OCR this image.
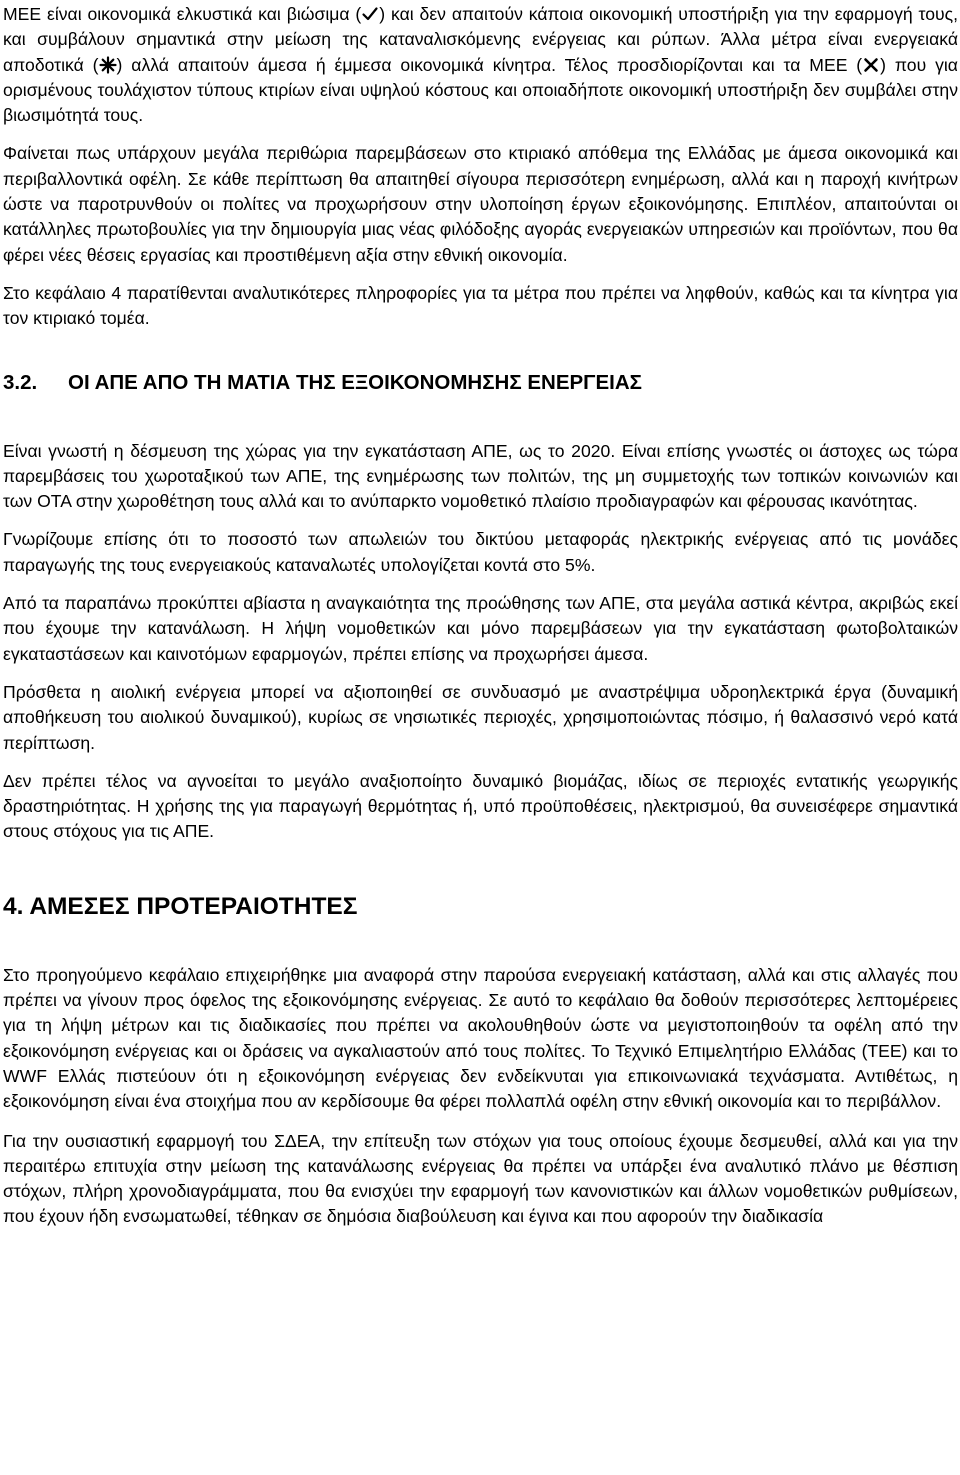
ΜΕΕ είναι οικονομικά ελκυστικά και βιώσιμα ( ) και δεν απαιτούν κάποια οικονομική υποστήριξη για την εφαρμογή τους, και συμβάλουν σημαντικά στην μείωση της καταναλισκόμενης ενέργειας και ρύπων. Άλλα μέτρα είναι ενεργειακά αποδοτικά ( ) αλλά απαιτούν άμεσα ή έμμεσα οικονομικά κίνητρα. Τέλος προσδιορίζονται και τα ΜΕΕ ( ) που για ορισμένους τουλάχιστον τύπους κτιρίων είναι υψηλού κόστους και οποιαδήποτε οικονομική υποστήριξη δεν συμβάλει στην βιωσιμότητά τους.

Φαίνεται πως υπάρχουν μεγάλα περιθώρια παρεμβάσεων στο κτιριακό απόθεμα της Ελλάδας με άμεσα οικονομικά και περιβαλλοντικά οφέλη. Σε κάθε περίπτωση θα απαιτηθεί σίγουρα περισσότερη ενημέρωση, αλλά και η παροχή κινήτρων ώστε να παροτρυνθούν οι πολίτες να προχωρήσουν στην υλοποίηση έργων εξοικονόμησης. Επιπλέον, απαιτούνται οι κατάλληλες πρωτοβουλίες για την δημιουργία μιας νέας φιλόδοξης αγοράς ενεργειακών υπηρεσιών και προϊόντων, που θα φέρει νέες θέσεις εργασίας και προστιθέμενη αξία στην εθνική οικονομία.

Στο κεφάλαιο 4 παρατίθενται αναλυτικότερες πληροφορίες για τα μέτρα που πρέπει να ληφθούν, καθώς και τα κίνητρα για τον κτιριακό τομέα.

3.2.	ΟΙ ΑΠΕ ΑΠΟ ΤΗ ΜΑΤΙΑ ΤΗΣ ΕΞΟΙΚΟΝΟΜΗΣΗΣ ΕΝΕΡΓΕΙΑΣ

Είναι γνωστή η δέσμευση της χώρας για την εγκατάσταση ΑΠΕ, ως το 2020. Είναι επίσης γνωστές οι άστοχες ως τώρα παρεμβάσεις του χωροταξικού των ΑΠΕ, της ενημέρωσης των πολιτών, της μη συμμετοχής των τοπικών κοινωνιών και των ΟΤΑ στην χωροθέτηση τους αλλά και το ανύπαρκτο νομοθετικό πλαίσιο προδιαγραφών και φέρουσας ικανότητας.

Γνωρίζουμε επίσης ότι το ποσοστό των απωλειών του δικτύου μεταφοράς ηλεκτρικής ενέργειας από τις μονάδες παραγωγής της τους ενεργειακούς καταναλωτές υπολογίζεται κοντά στο 5%.

Από τα παραπάνω προκύπτει αβίαστα η αναγκαιότητα της προώθησης των ΑΠΕ, στα μεγάλα αστικά κέντρα, ακριβώς εκεί που έχουμε την κατανάλωση. Η λήψη νομοθετικών και μόνο παρεμβάσεων για την εγκατάσταση φωτοβολταικών εγκαταστάσεων και καινοτόμων εφαρμογών, πρέπει επίσης να προχωρήσει άμεσα.

Πρόσθετα η αιολική ενέργεια μπορεί να αξιοποιηθεί σε συνδυασμό με αναστρέψιμα υδροηλεκτρικά έργα (δυναμική αποθήκευση του αιολικού δυναμικού), κυρίως σε νησιωτικές περιοχές, χρησιμοποιώντας πόσιμο, ή θαλασσινό νερό κατά περίπτωση.

Δεν πρέπει τέλος να αγνοείται το μεγάλο αναξιοποίητο δυναμικό βιομάζας, ιδίως σε περιοχές εντατικής γεωργικής δραστηριότητας. Η χρήσης της για παραγωγή θερμότητας ή, υπό προϋποθέσεις, ηλεκτρισμού, θα συνεισέφερε σημαντικά στους στόχους για τις ΑΠΕ.

4. ΑΜΕΣΕΣ ΠΡΟΤΕΡΑΙΟΤΗΤΕΣ

Στο προηγούμενο κεφάλαιο επιχειρήθηκε μια αναφορά στην παρούσα ενεργειακή κατάσταση, αλλά και στις αλλαγές που πρέπει να γίνουν προς όφελος της εξοικονόμησης ενέργειας. Σε αυτό το κεφάλαιο θα δοθούν περισσότερες λεπτομέρειες για τη λήψη μέτρων και τις διαδικασίες που πρέπει να ακολουθηθούν ώστε να μεγιστοποιηθούν τα οφέλη από την εξοικονόμηση ενέργειας και οι δράσεις να αγκαλιαστούν από τους πολίτες. Το Τεχνικό Επιμελητήριο Ελλάδας (ΤΕΕ) και το WWF Ελλάς πιστεύουν ότι η εξοικονόμηση ενέργειας δεν ενδείκνυται για επικοινωνιακά τεχνάσματα. Αντιθέτως, η εξοικονόμηση είναι ένα στοιχήμα που αν κερδίσουμε θα φέρει πολλαπλά οφέλη στην εθνική οικονομία και το περιβάλλον.

Για την ουσιαστική εφαρμογή του ΣΔΕΑ, την επίτευξη των στόχων για τους οποίους έχουμε δεσμευθεί, αλλά και για την περαιτέρω επιτυχία στην μείωση της κατανάλωσης ενέργειας θα πρέπει να υπάρξει ένα αναλυτικό πλάνο με θέσπιση στόχων, πλήρη χρονοδιαγράμματα, που θα ενισχύει την εφαρμογή των κανονιστικών και άλλων νομοθετικών ρυθμίσεων, που έχουν ήδη ενσωματωθεί, τέθηκαν σε δημόσια διαβούλευση και έγινα και που αφορούν την διαδικασία
